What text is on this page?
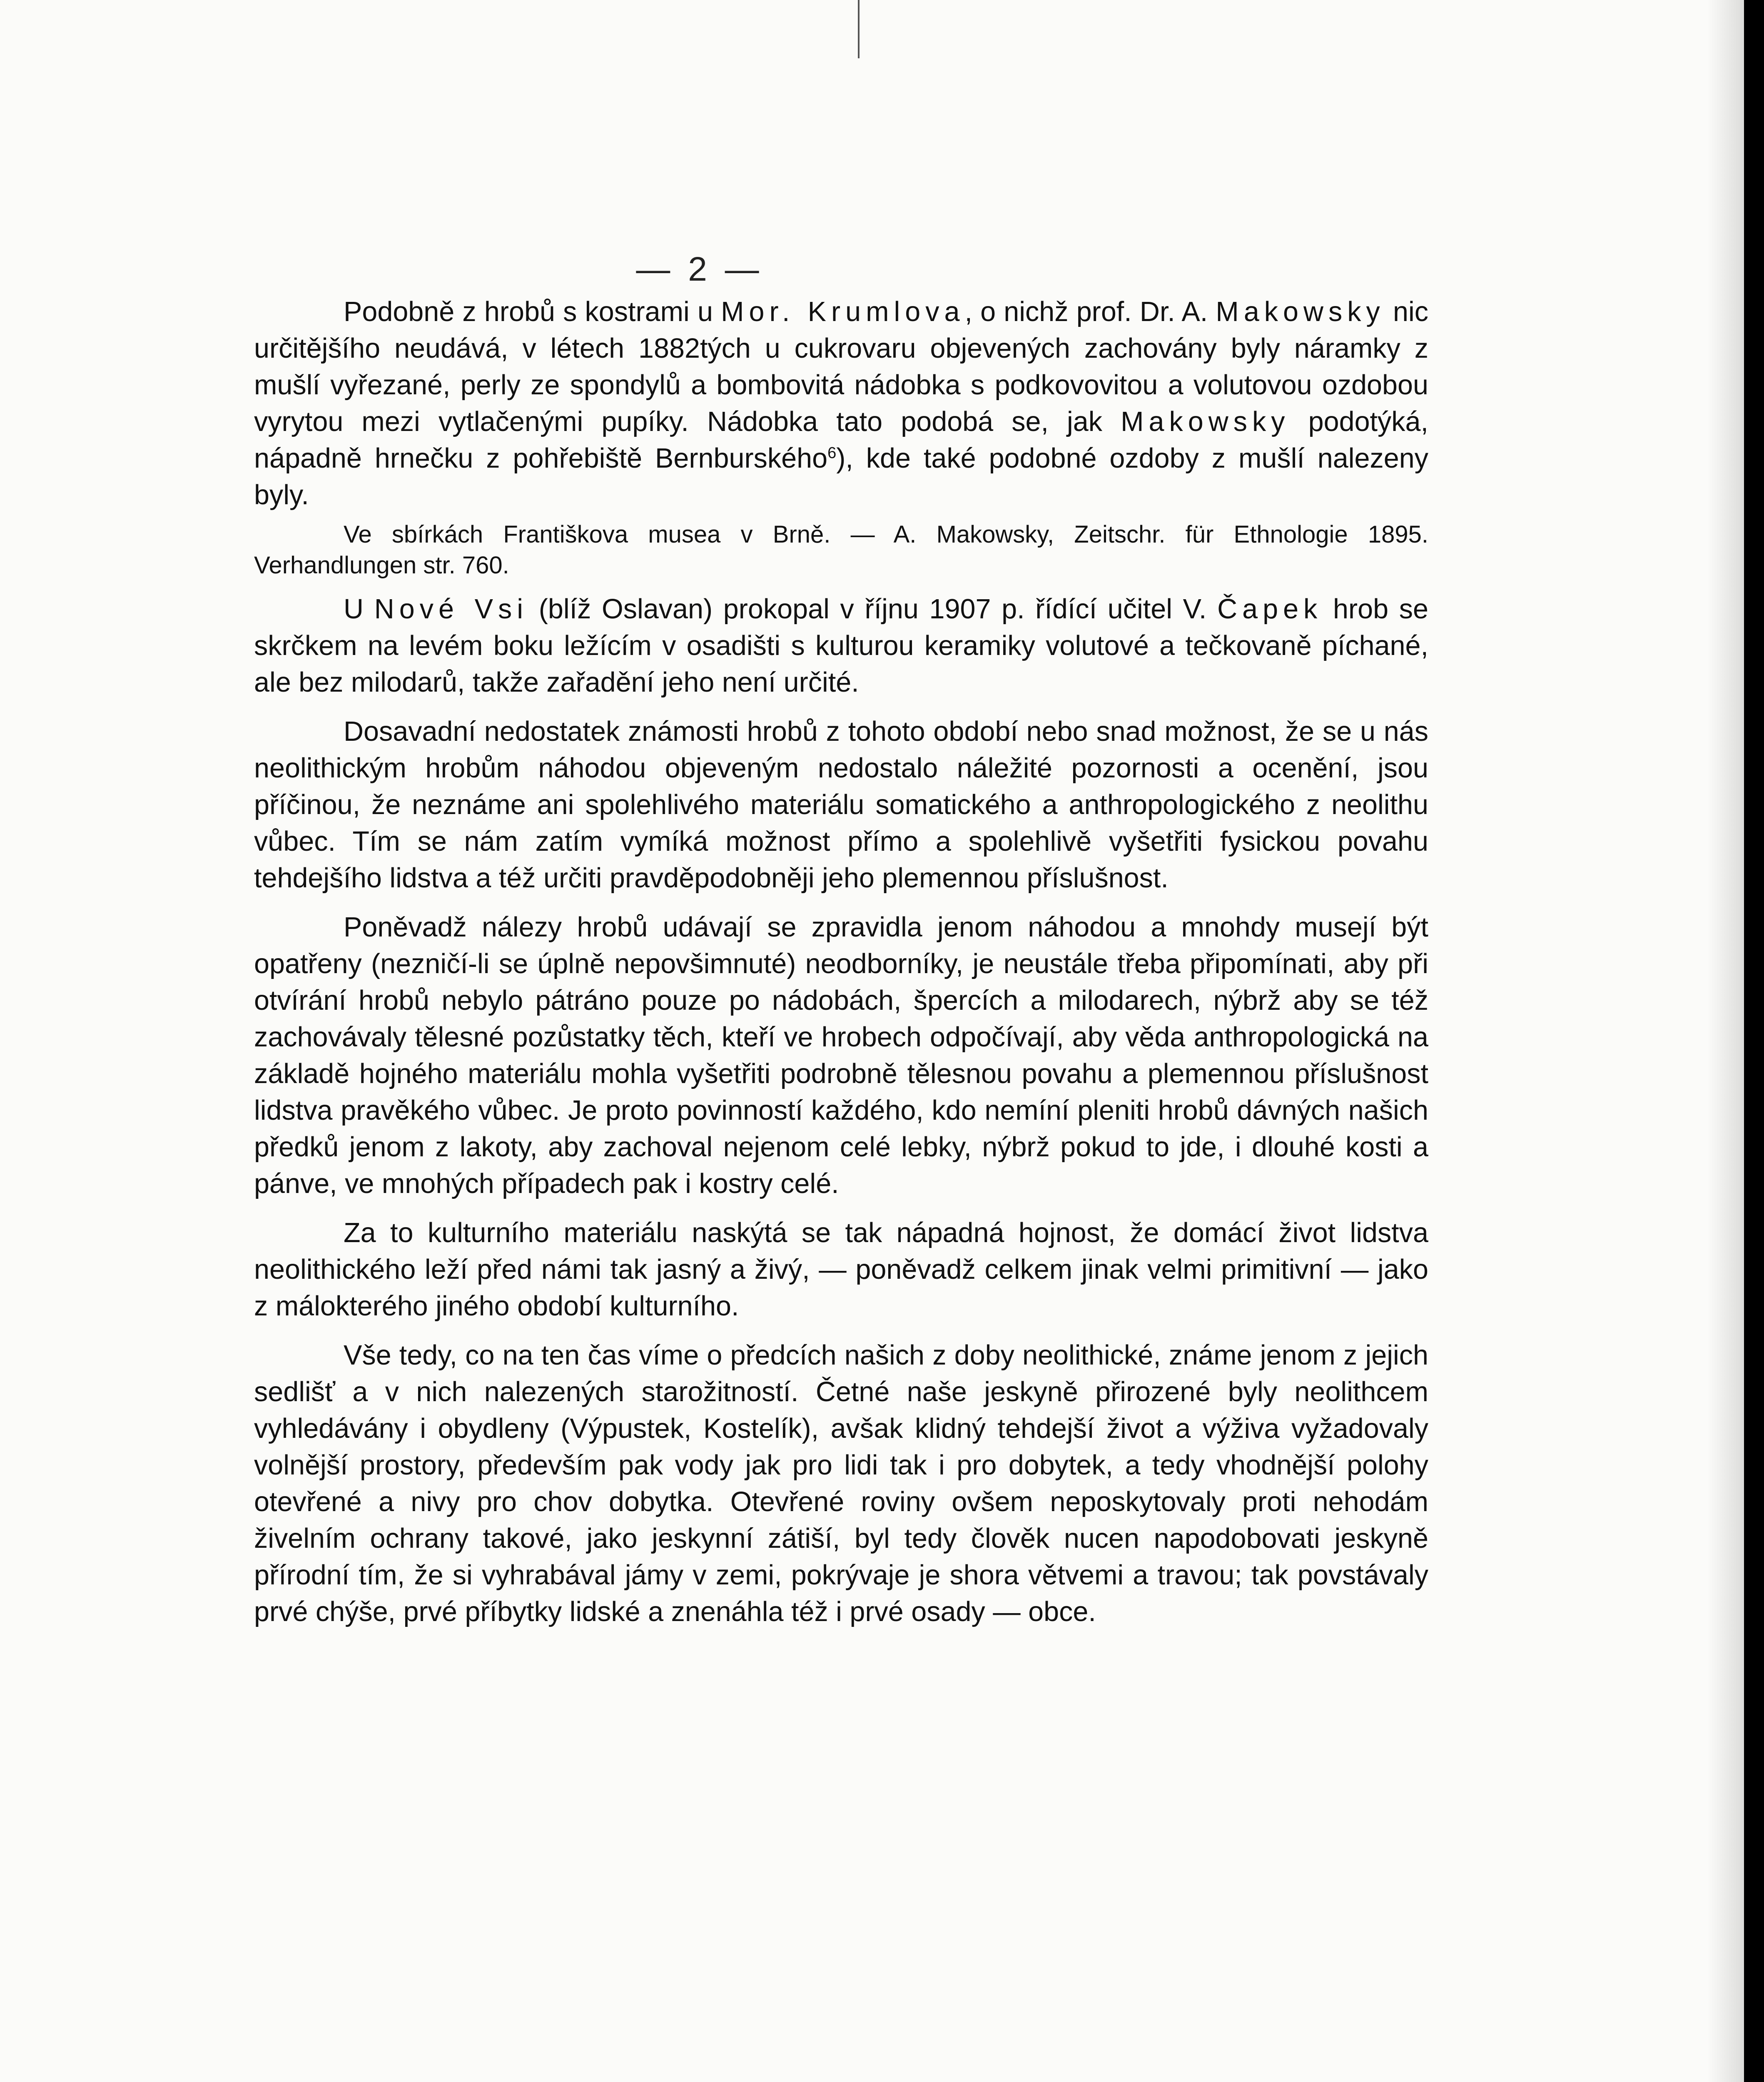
— 2 —

Podobně z hrobů s kostrami u Mor. Krumlova, o nichž prof. Dr. A. Makowsky nic určitějšího neudává, v létech 1882tých u cukrovaru objevených zachovány byly náramky z mušlí vyřezané, perly ze spondylů a bombovitá nádobka s podkovovitou a volutovou ozdobou vyrytou mezi vytlačenými pupíky. Nádobka tato podobá se, jak Makowsky podotýká, nápadně hrnečku z pohřebiště Bernburského$^6$), kde také podobné ozdoby z mušlí nalezeny byly.

Ve sbírkách Františkova musea v Brně. — A. Makowsky, Zeitschr. für Ethnologie 1895. Verhandlungen str. 760.

U Nové Vsi (blíž Oslavan) prokopal v říjnu 1907 p. řídící učitel V. Čapek hrob se skrčkem na levém boku ležícím v osadišti s kulturou keramiky volutové a tečkovaně píchané, ale bez milodarů, takže zařadění jeho není určité.

Dosavadní nedostatek známosti hrobů z tohoto období nebo snad možnost, že se u nás neolithickým hrobům náhodou objeveným nedostalo náležité pozornosti a ocenění, jsou příčinou, že neznáme ani spolehlivého materiálu somatického a anthropologického z neolithu vůbec. Tím se nám zatím vymíká možnost přímo a spolehlivě vyšetřiti fysickou povahu tehdejšího lidstva a též určiti pravděpodobněji jeho plemennou příslušnost.

Poněvadž nálezy hrobů udávají se zpravidla jenom náhodou a mnohdy musejí být opatřeny (nezničí-li se úplně nepovšimnuté) neodborníky, je neustále třeba připomínati, aby při otvírání hrobů nebylo pátráno pouze po nádobách, špercích a milodarech, nýbrž aby se též zachovávaly tělesné pozůstatky těch, kteří ve hrobech odpočívají, aby věda anthropologická na základě hojného materiálu mohla vyšetřiti podrobně tělesnou povahu a plemennou příslušnost lidstva pravěkého vůbec. Je proto povinností každého, kdo nemíní pleniti hrobů dávných našich předků jenom z lakoty, aby zachoval nejenom celé lebky, nýbrž pokud to jde, i dlouhé kosti a pánve, ve mnohých případech pak i kostry celé.

Za to kulturního materiálu naskýtá se tak nápadná hojnost, že domácí život lidstva neolithického leží před námi tak jasný a živý, — poněvadž celkem jinak velmi primitivní — jako z málokterého jiného období kulturního.

Vše tedy, co na ten čas víme o předcích našich z doby neolithické, známe jenom z jejich sedlišť a v nich nalezených starožitností. Četné naše jeskyně přirozené byly neolithcem vyhledávány i obydleny (Výpustek, Kostelík), avšak klidný tehdejší život a výživa vyžadovaly volnější prostory, především pak vody jak pro lidi tak i pro dobytek, a tedy vhodnější polohy otevřené a nivy pro chov dobytka. Otevřené roviny ovšem neposkytovaly proti nehodám živelním ochrany takové, jako jeskynní zátiší, byl tedy člověk nucen napodobovati jeskyně přírodní tím, že si vyhrabával jámy v zemi, pokrývaje je shora větvemi a travou; tak povstávaly prvé chýše, prvé příbytky lidské a znenáhla též i prvé osady — obce.
